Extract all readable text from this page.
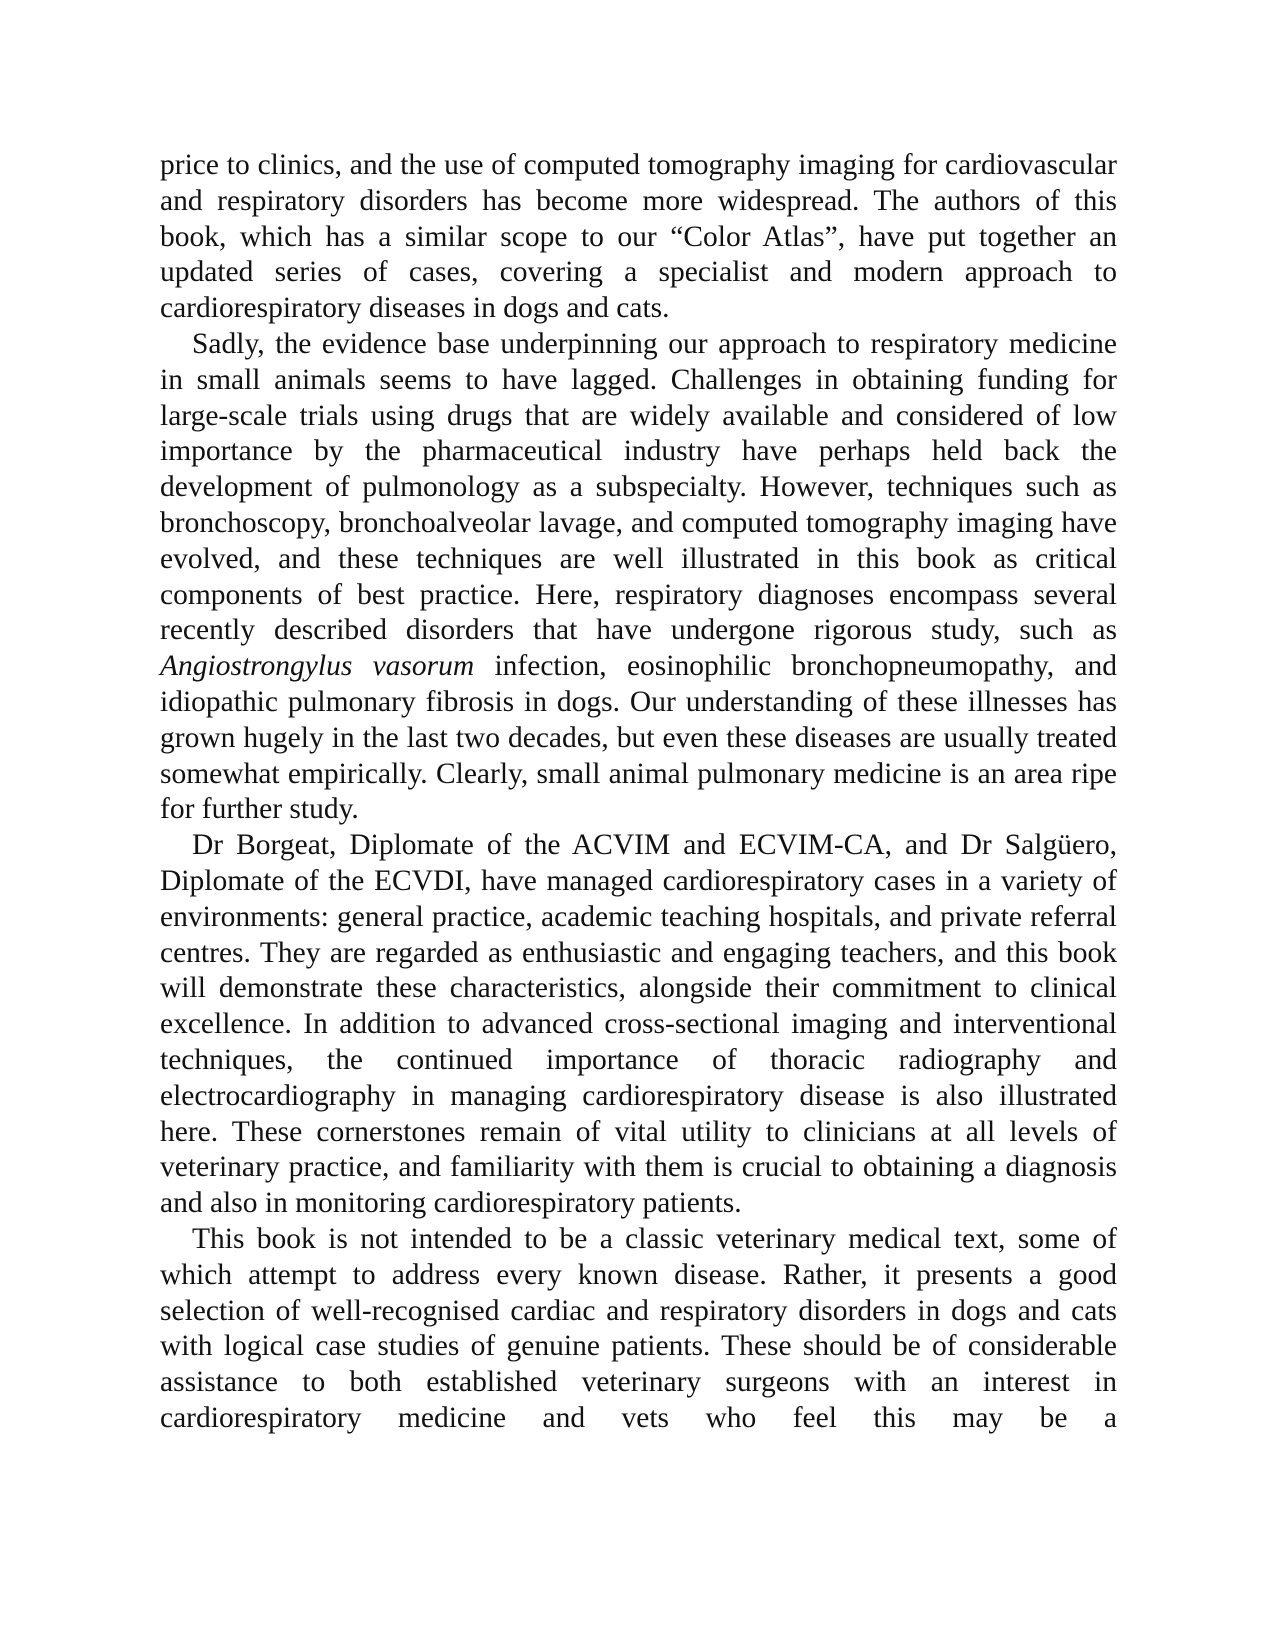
price to clinics, and the use of computed tomography imaging for cardiovascular and respiratory disorders has become more widespread. The authors of this book, which has a similar scope to our “Color Atlas”, have put together an updated series of cases, covering a specialist and modern approach to cardiorespiratory diseases in dogs and cats.

Sadly, the evidence base underpinning our approach to respiratory medicine in small animals seems to have lagged. Challenges in obtaining funding for large-scale trials using drugs that are widely available and considered of low importance by the pharmaceutical industry have perhaps held back the development of pulmonology as a subspecialty. However, techniques such as bronchoscopy, bronchoalveolar lavage, and computed tomography imaging have evolved, and these techniques are well illustrated in this book as critical components of best practice. Here, respiratory diagnoses encompass several recently described disorders that have undergone rigorous study, such as Angiostrongylus vasorum infection, eosinophilic bronchopneumopathy, and idiopathic pulmonary fibrosis in dogs. Our understanding of these illnesses has grown hugely in the last two decades, but even these diseases are usually treated somewhat empirically. Clearly, small animal pulmonary medicine is an area ripe for further study.

Dr Borgeat, Diplomate of the ACVIM and ECVIM-CA, and Dr Salgüero, Diplomate of the ECVDI, have managed cardiorespiratory cases in a variety of environments: general practice, academic teaching hospitals, and private referral centres. They are regarded as enthusiastic and engaging teachers, and this book will demonstrate these characteristics, alongside their commitment to clinical excellence. In addition to advanced cross-sectional imaging and interventional techniques, the continued importance of thoracic radiography and electrocardiography in managing cardiorespiratory disease is also illustrated here. These cornerstones remain of vital utility to clinicians at all levels of veterinary practice, and familiarity with them is crucial to obtaining a diagnosis and also in monitoring cardiorespiratory patients.

This book is not intended to be a classic veterinary medical text, some of which attempt to address every known disease. Rather, it presents a good selection of well-recognised cardiac and respiratory disorders in dogs and cats with logical case studies of genuine patients. These should be of considerable assistance to both established veterinary surgeons with an interest in cardiorespiratory medicine and vets who feel this may be a
